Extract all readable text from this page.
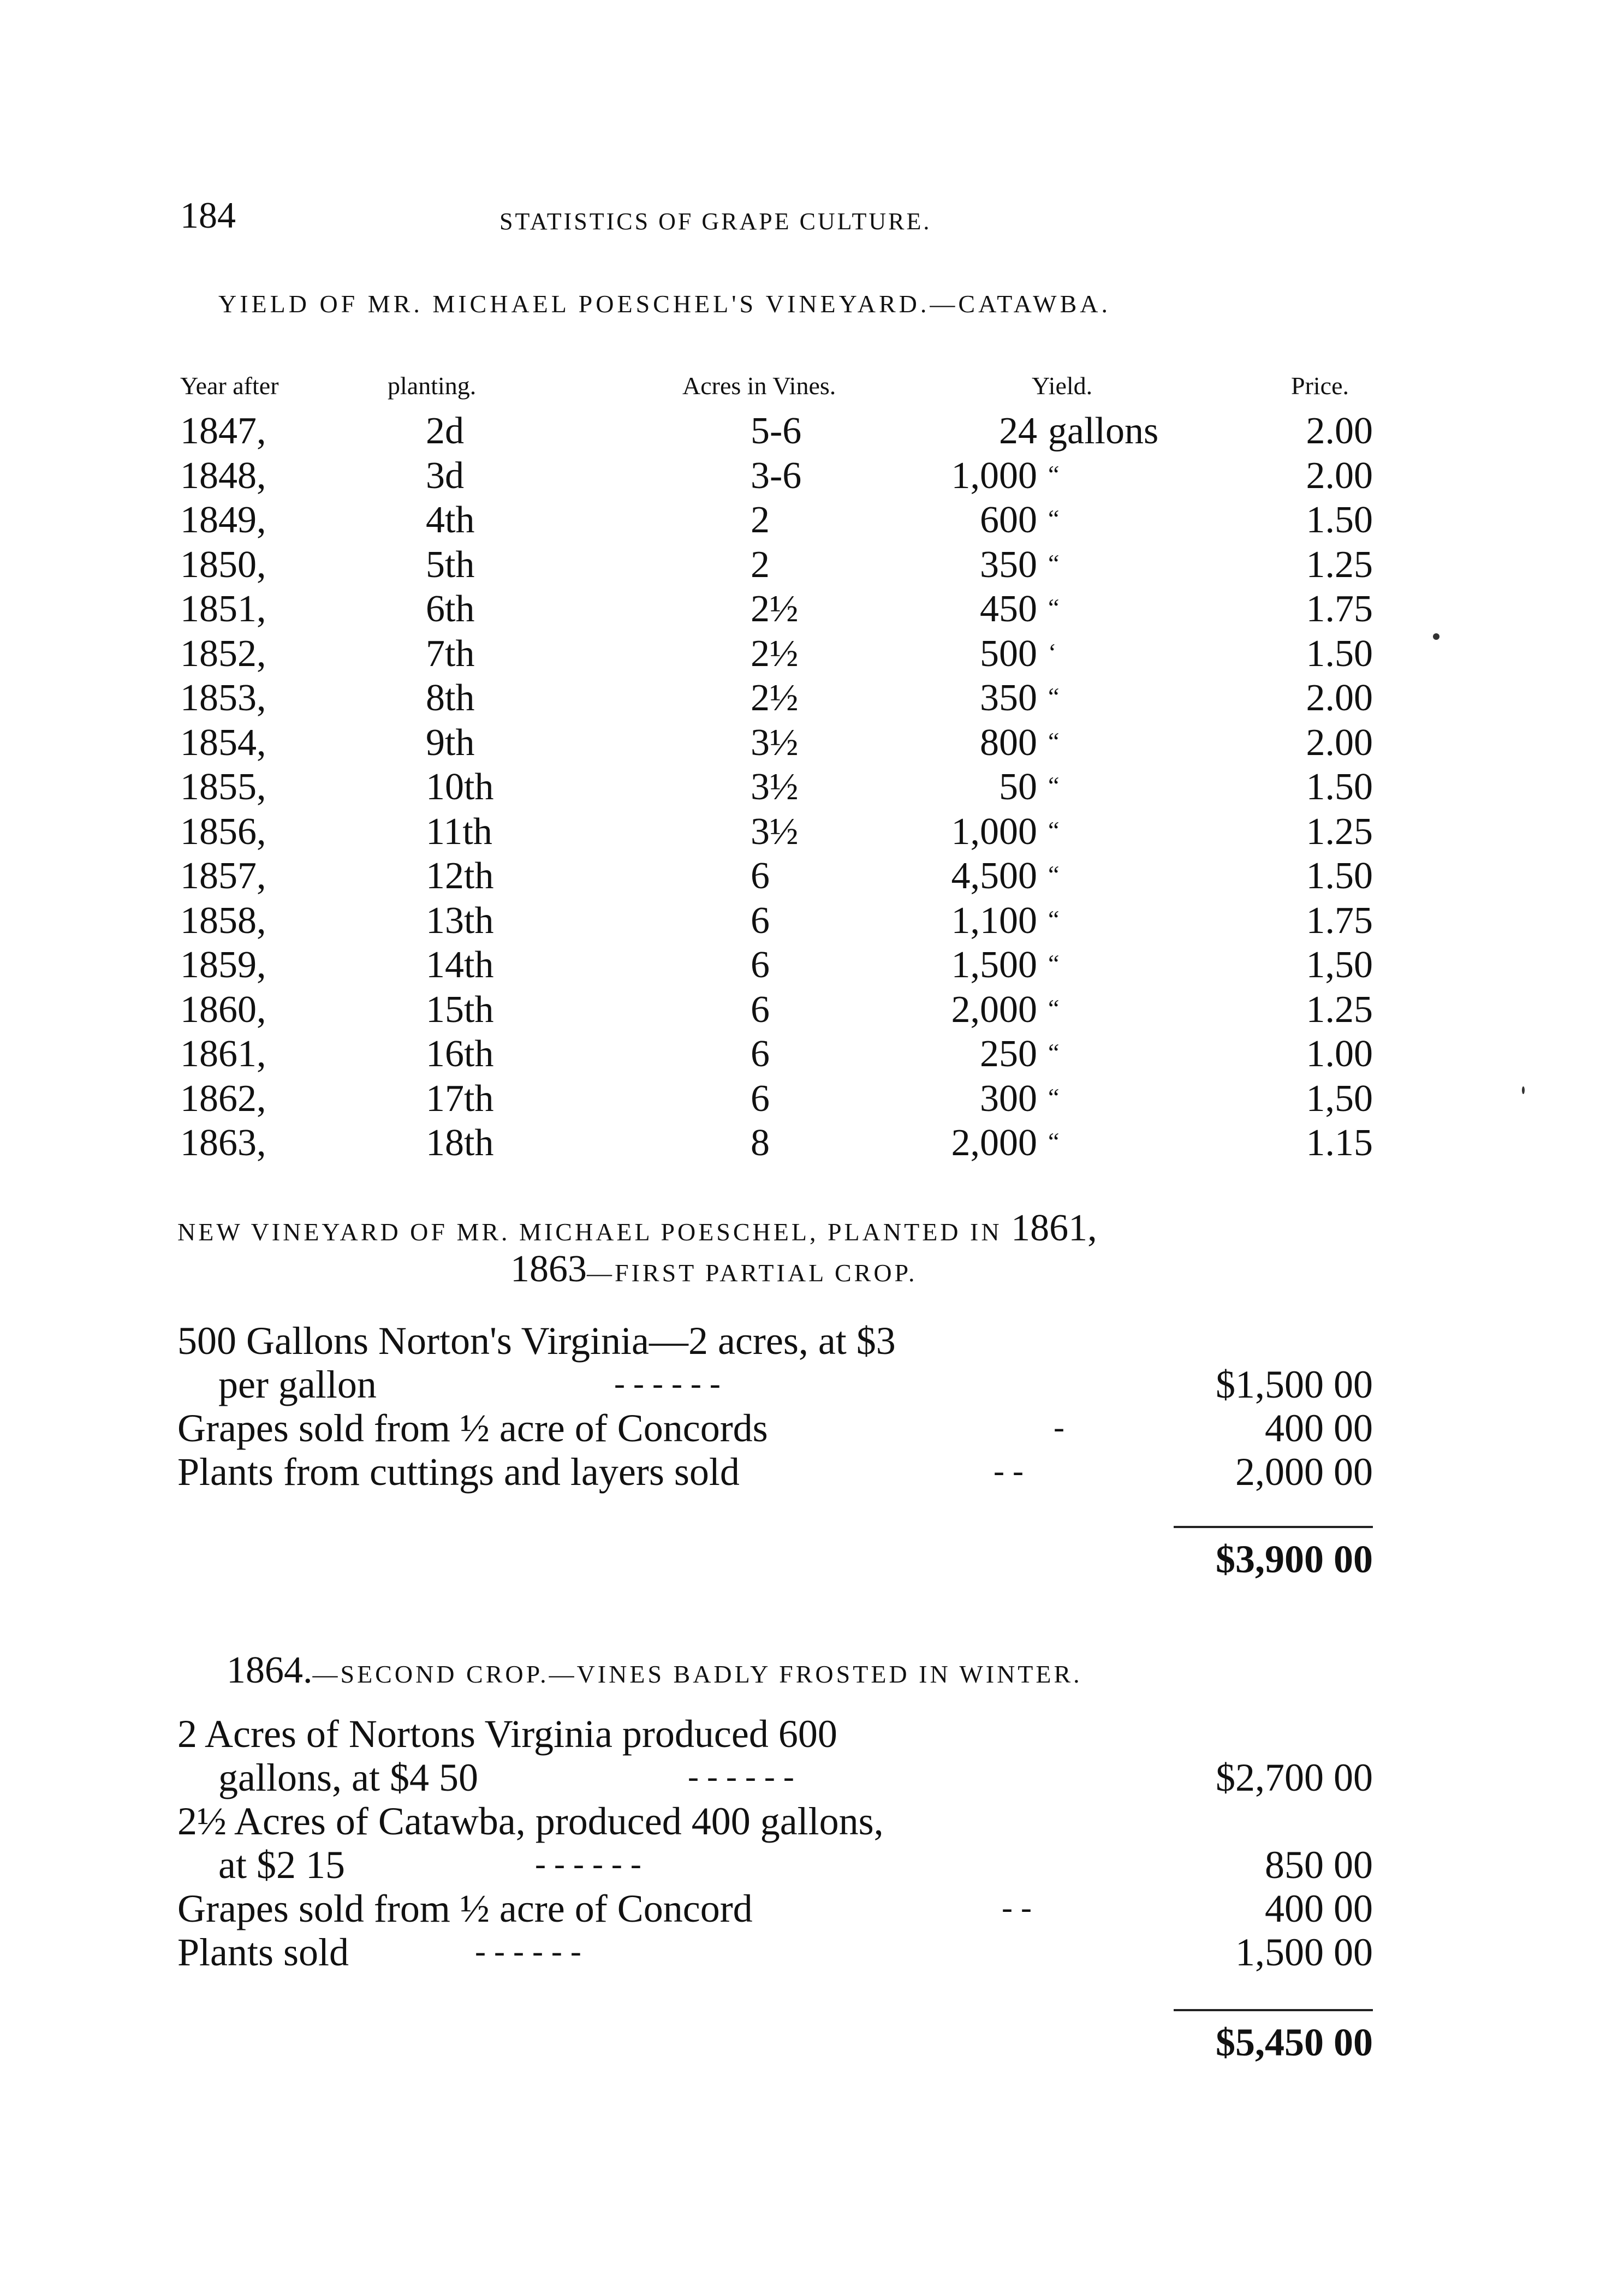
184	STATISTICS OF GRAPE CULTURE.
YIELD OF MR. MICHAEL POESCHEL'S VINEYARD.—CATAWBA.
Year after	planting.	Acres in Vines.	Yield.	Price.
1847,	2d	5-6	24 gallons	2.00
1848,	3d	3-6	1,000 “	2.00
1849,	4th	2	600 “	1.50
1850,	5th	2	350 “	1.25
1851,	6th	2½	450 “	1.75
1852,	7th	2½	500 ‘	1.50
1853,	8th	2½	350 “	2.00
1854,	9th	3½	800 “	2.00
1855,	10th	3½	50 “	1.50
1856,	11th	3½	1,000 “	1.25
1857,	12th	6	4,500 “	1.50
1858,	13th	6	1,100 “	1.75
1859,	14th	6	1,500 “	1,50
1860,	15th	6	2,000 “	1.25
1861,	16th	6	250 “	1.00
1862,	17th	6	300 “	1,50
1863,	18th	8	2,000 “	1.15
NEW VINEYARD OF MR. MICHAEL POESCHEL, PLANTED IN 1861,
1863—FIRST PARTIAL CROP.
500 Gallons Norton's Virginia—2 acres, at $3
per gallon	- - - - - -	$1,500 00
Grapes sold from ½ acre of Concords	-	400 00
Plants from cuttings and layers sold	- -	2,000 00
$3,900 00
1864.—SECOND CROP.—VINES BADLY FROSTED IN WINTER.
2 Acres of Nortons Virginia produced 600
gallons, at $4 50	- - - - - -	$2,700 00
2½ Acres of Catawba, produced 400 gallons,
at $2 15	- - - - - -	850 00
Grapes sold from ½ acre of Concord	- -	400 00
Plants sold	- - - - - -	1,500 00
$5,450 00
